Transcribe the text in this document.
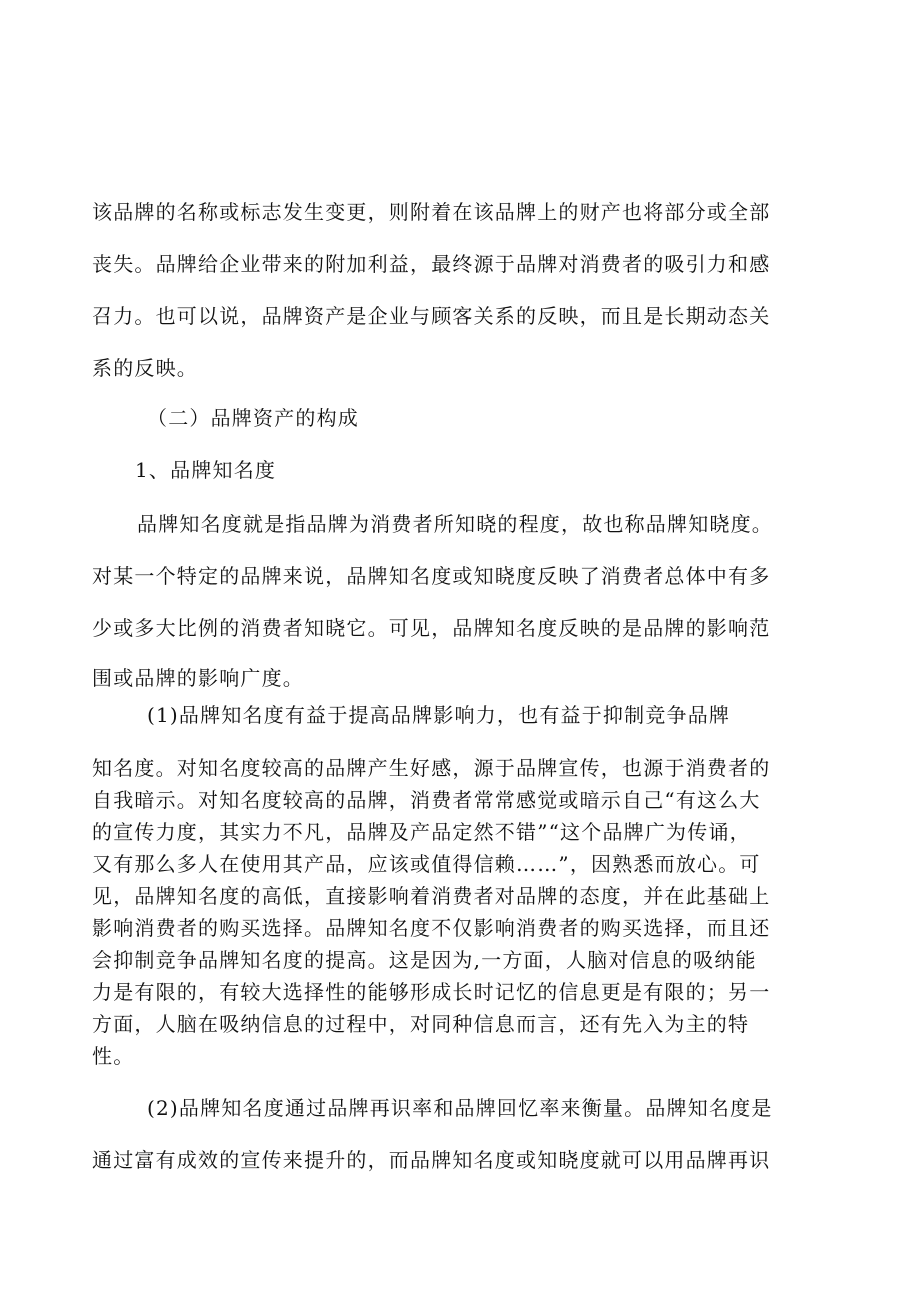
该品牌的名称或标志发生变更，则附着在该品牌上的财产也将部分或全部
丧失。品牌给企业带来的附加利益，最终源于品牌对消费者的吸引力和感
召力。也可以说，品牌资产是企业与顾客关系的反映，而且是长期动态关
系的反映。
（二）品牌资产的构成
1、品牌知名度
品牌知名度就是指品牌为消费者所知晓的程度，故也称品牌知晓度。
对某一个特定的品牌来说，品牌知名度或知晓度反映了消费者总体中有多
少或多大比例的消费者知晓它。可见，品牌知名度反映的是品牌的影响范
围或品牌的影响广度。
(1)品牌知名度有益于提高品牌影响力，也有益于抑制竞争品牌
知名度。对知名度较高的品牌产生好感，源于品牌宣传，也源于消费者的
自我暗示。对知名度较高的品牌，消费者常常感觉或暗示自己“有这么大
的宣传力度，其实力不凡，品牌及产品定然不错”“这个品牌广为传诵，
又有那么多人在使用其产品，应该或值得信赖……”，因熟悉而放心。可
见，品牌知名度的高低，直接影响着消费者对品牌的态度，并在此基础上
影响消费者的购买选择。品牌知名度不仅影响消费者的购买选择，而且还
会抑制竞争品牌知名度的提高。这是因为,一方面，人脑对信息的吸纳能
力是有限的，有较大选择性的能够形成长时记忆的信息更是有限的；另一
方面，人脑在吸纳信息的过程中，对同种信息而言，还有先入为主的特
性。
(2)品牌知名度通过品牌再识率和品牌回忆率来衡量。品牌知名度是
通过富有成效的宣传来提升的，而品牌知名度或知晓度就可以用品牌再识
